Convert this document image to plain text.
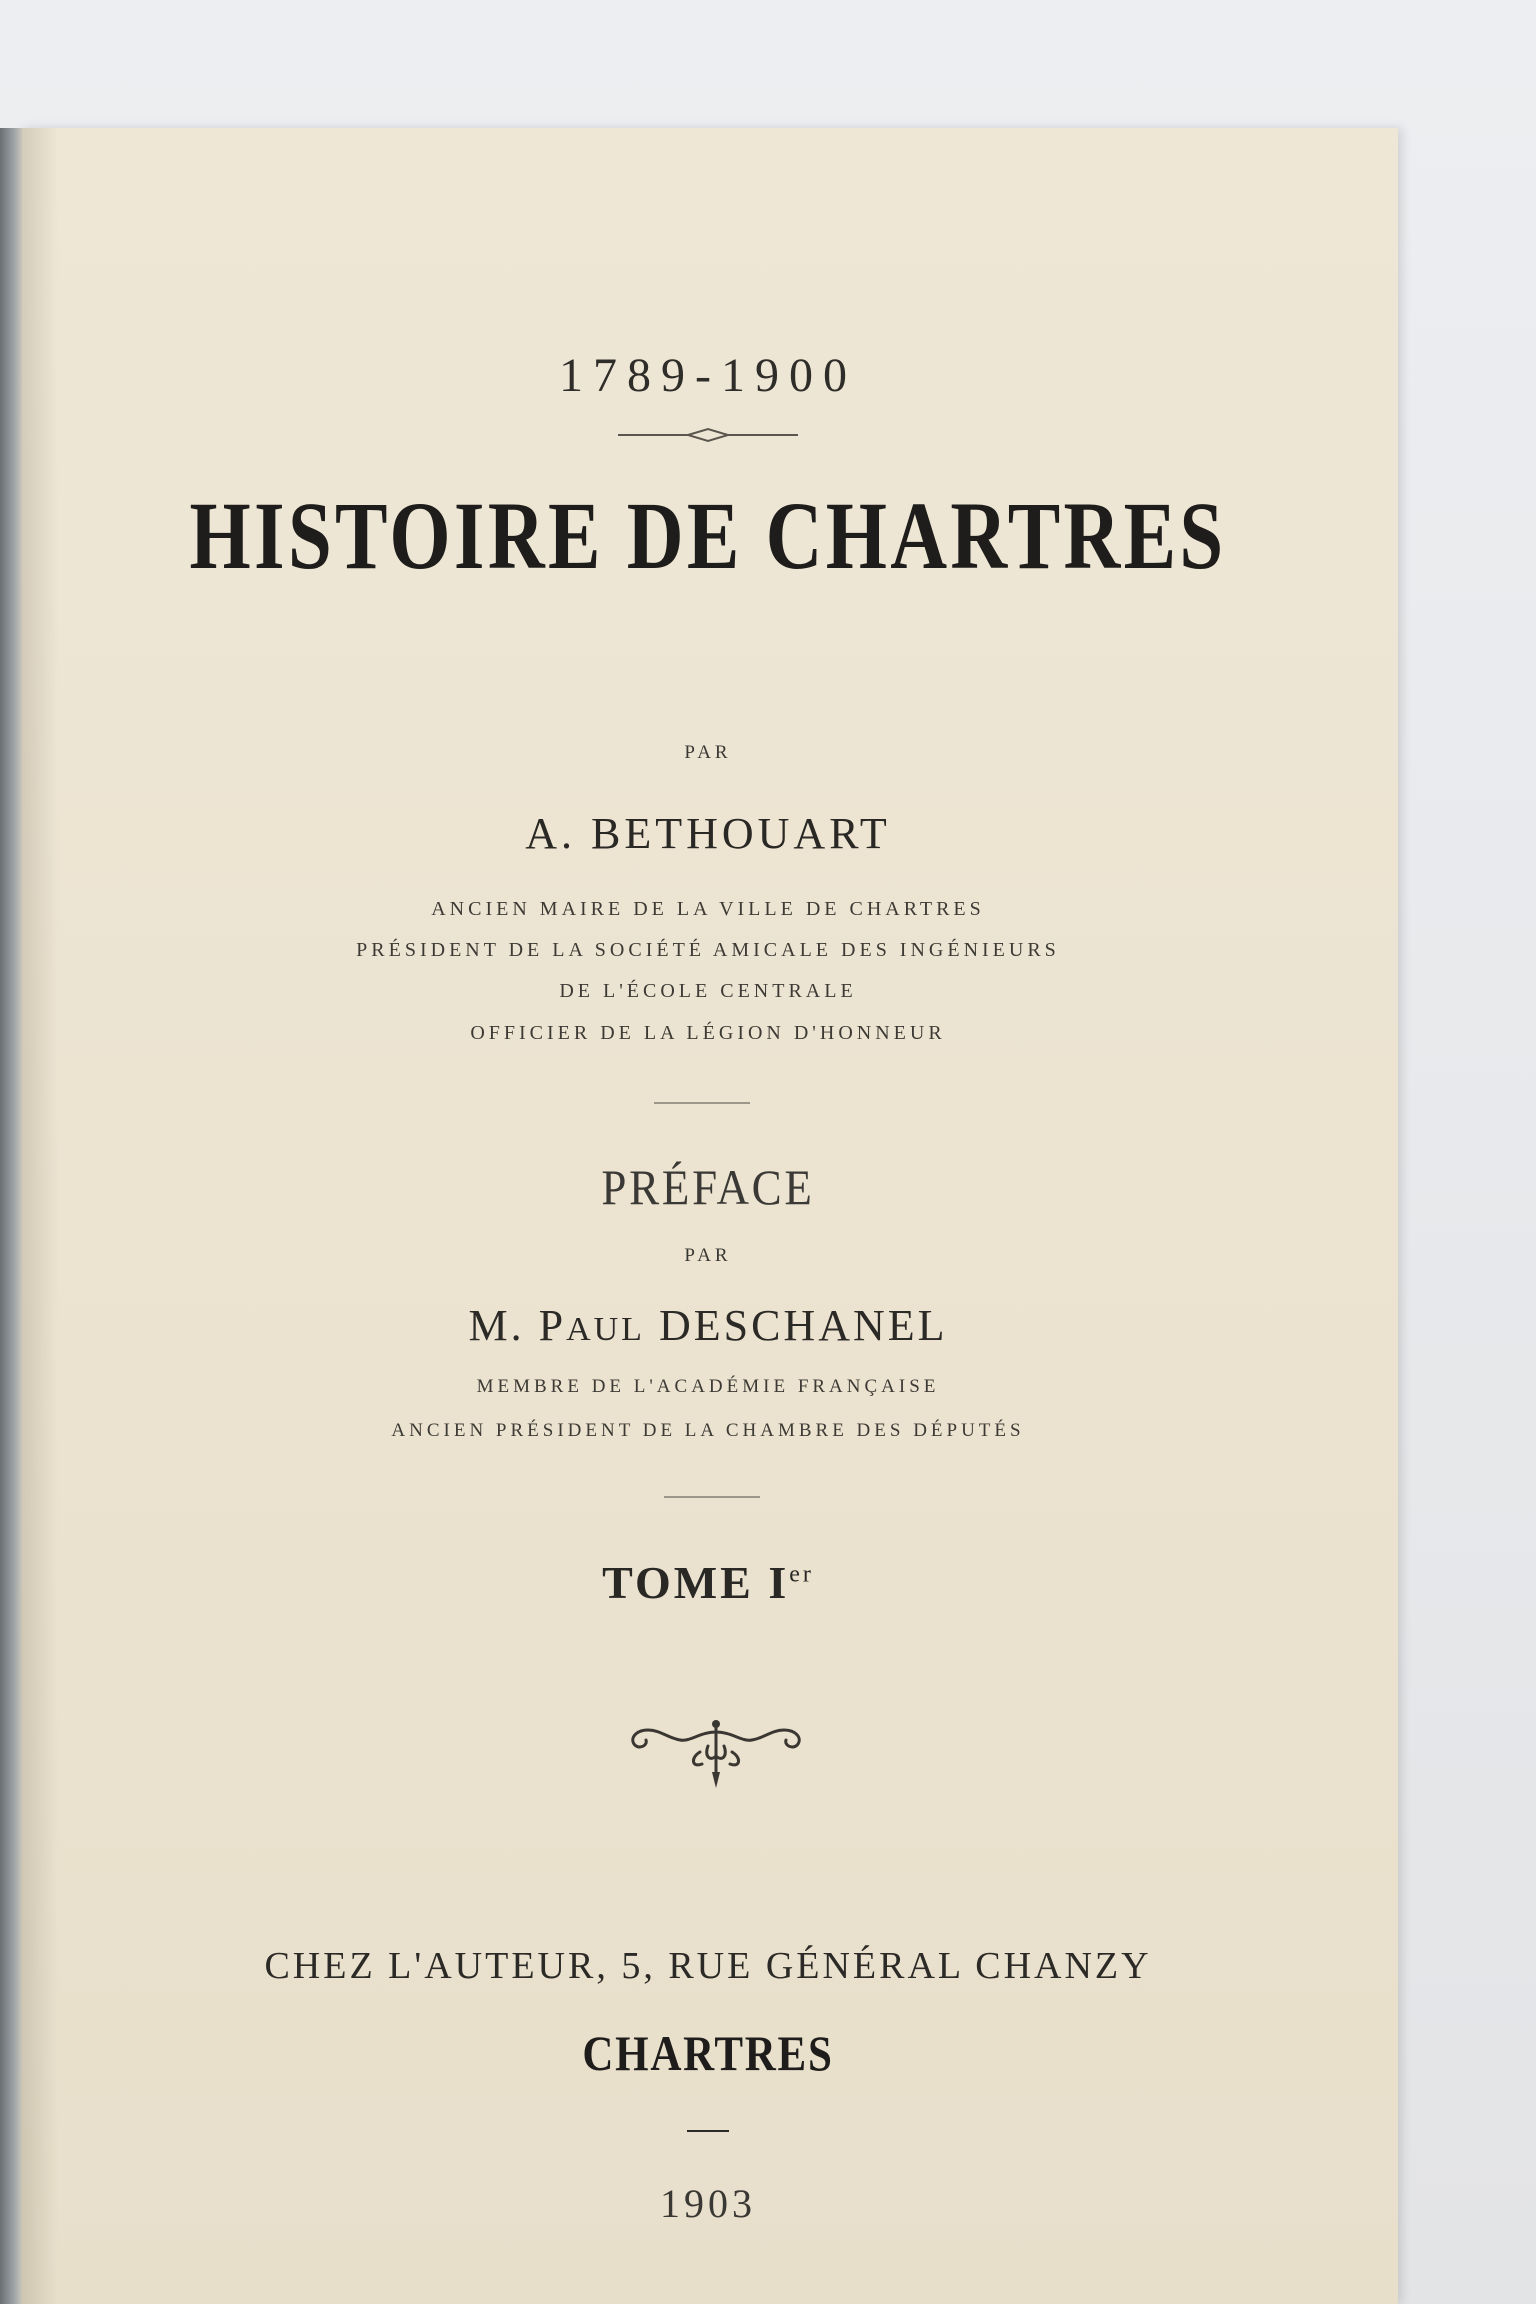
1789-1900
HISTOIRE DE CHARTRES
PAR
A. BETHOUART
ANCIEN MAIRE DE LA VILLE DE CHARTRES
PRÉSIDENT DE LA SOCIÉTÉ AMICALE DES INGÉNIEURS
DE L'ÉCOLE CENTRALE
OFFICIER DE LA LÉGION D'HONNEUR
PRÉFACE
PAR
M. PAUL DESCHANEL
MEMBRE DE L'ACADÉMIE FRANÇAISE
ANCIEN PRÉSIDENT DE LA CHAMBRE DES DÉPUTÉS
TOME Ier
CHEZ L'AUTEUR, 5, RUE GÉNÉRAL CHANZY
CHARTRES
1903
